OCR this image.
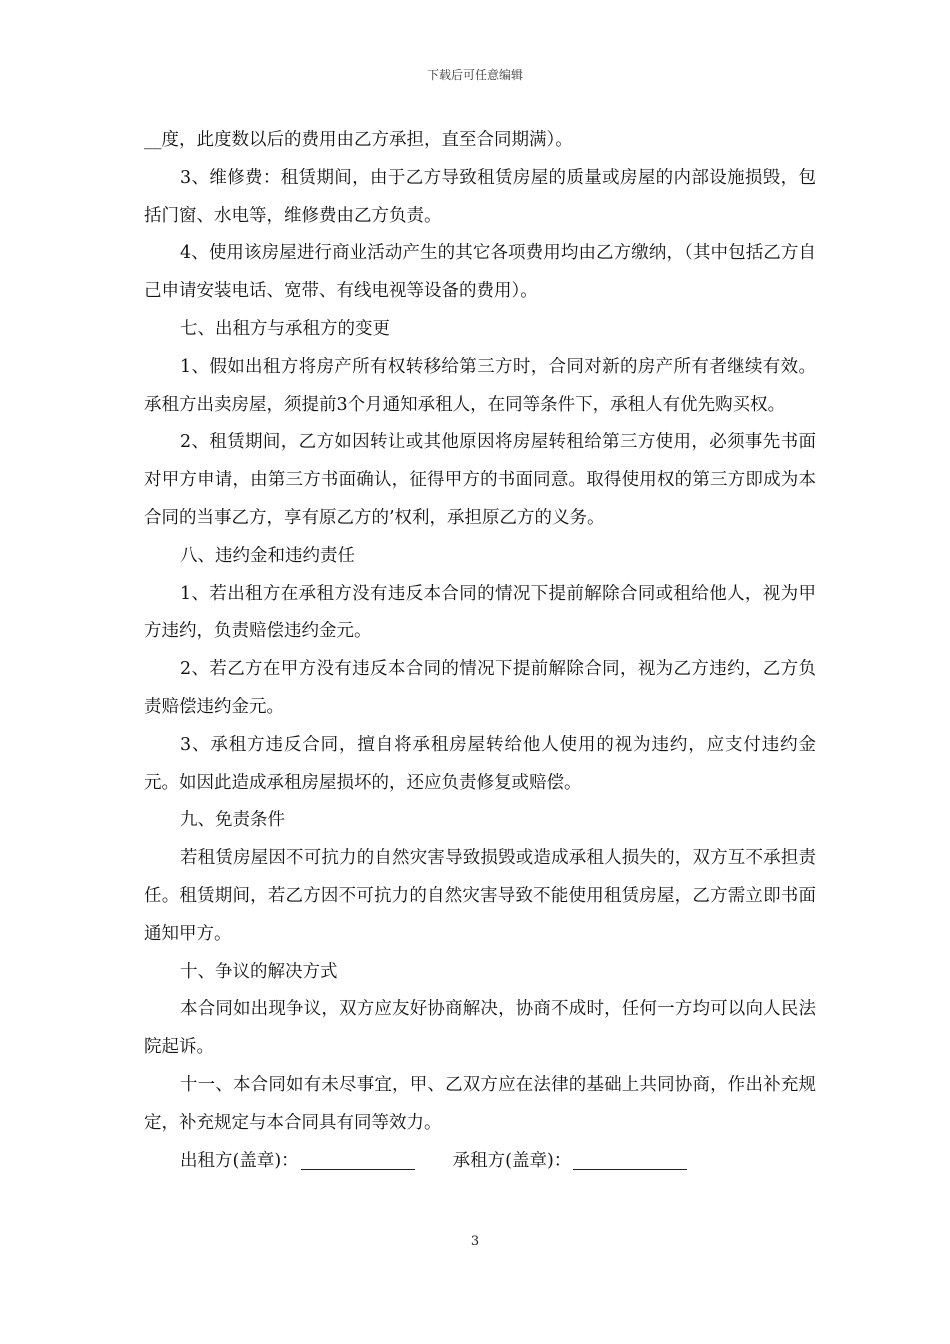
下载后可任意编辑

__度，此度数以后的费用由乙方承担，直至合同期满）。

3、维修费：租赁期间，由于乙方导致租赁房屋的质量或房屋的内部设施损毁，包括门窗、水电等，维修费由乙方负责。

4、使用该房屋进行商业活动产生的其它各项费用均由乙方缴纳，（其中包括乙方自己申请安装电话、宽带、有线电视等设备的费用）。

七、出租方与承租方的变更

1、假如出租方将房产所有权转移给第三方时，合同对新的房产所有者继续有效。承租方出卖房屋，须提前3个月通知承租人，在同等条件下，承租人有优先购买权。

2、租赁期间，乙方如因转让或其他原因将房屋转租给第三方使用，必须事先书面对甲方申请，由第三方书面确认，征得甲方的书面同意。取得使用权的第三方即成为本合同的当事乙方，享有原乙方的’权利，承担原乙方的义务。

八、违约金和违约责任

1、若出租方在承租方没有违反本合同的情况下提前解除合同或租给他人，视为甲方违约，负责赔偿违约金元。

2、若乙方在甲方没有违反本合同的情况下提前解除合同，视为乙方违约，乙方负责赔偿违约金元。

3、承租方违反合同，擅自将承租房屋转给他人使用的视为违约，应支付违约金元。如因此造成承租房屋损坏的，还应负责修复或赔偿。

九、免责条件

若租赁房屋因不可抗力的自然灾害导致损毁或造成承租人损失的，双方互不承担责任。租赁期间，若乙方因不可抗力的自然灾害导致不能使用租赁房屋，乙方需立即书面通知甲方。

十、争议的解决方式

本合同如出现争议，双方应友好协商解决，协商不成时，任何一方均可以向人民法院起诉。

十一、本合同如有未尽事宜，甲、乙双方应在法律的基础上共同协商，作出补充规定，补充规定与本合同具有同等效力。

出租方(盖章)：	承租方(盖章)：

3
